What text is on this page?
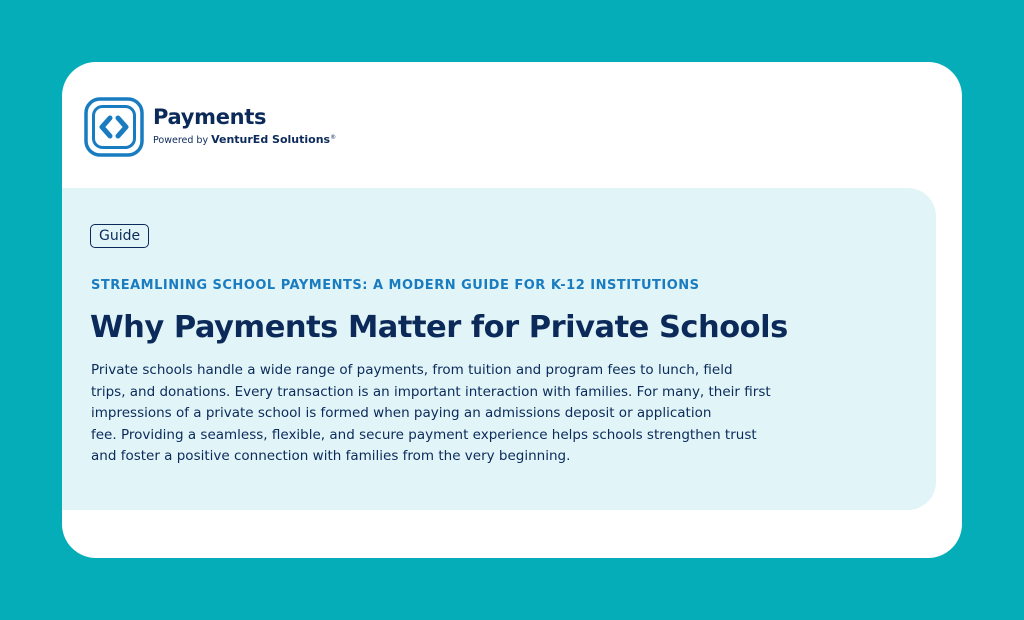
Payments
Powered by VenturEd Solutions®
Guide
STREAMLINING SCHOOL PAYMENTS: A MODERN GUIDE FOR K-12 INSTITUTIONS
Why Payments Matter for Private Schools
Private schools handle a wide range of payments, from tuition and program fees to lunch, field
trips, and donations. Every transaction is an important interaction with families. For many, their first
impressions of a private school is formed when paying an admissions deposit or application
fee. Providing a seamless, flexible, and secure payment experience helps schools strengthen trust
and foster a positive connection with families from the very beginning.
